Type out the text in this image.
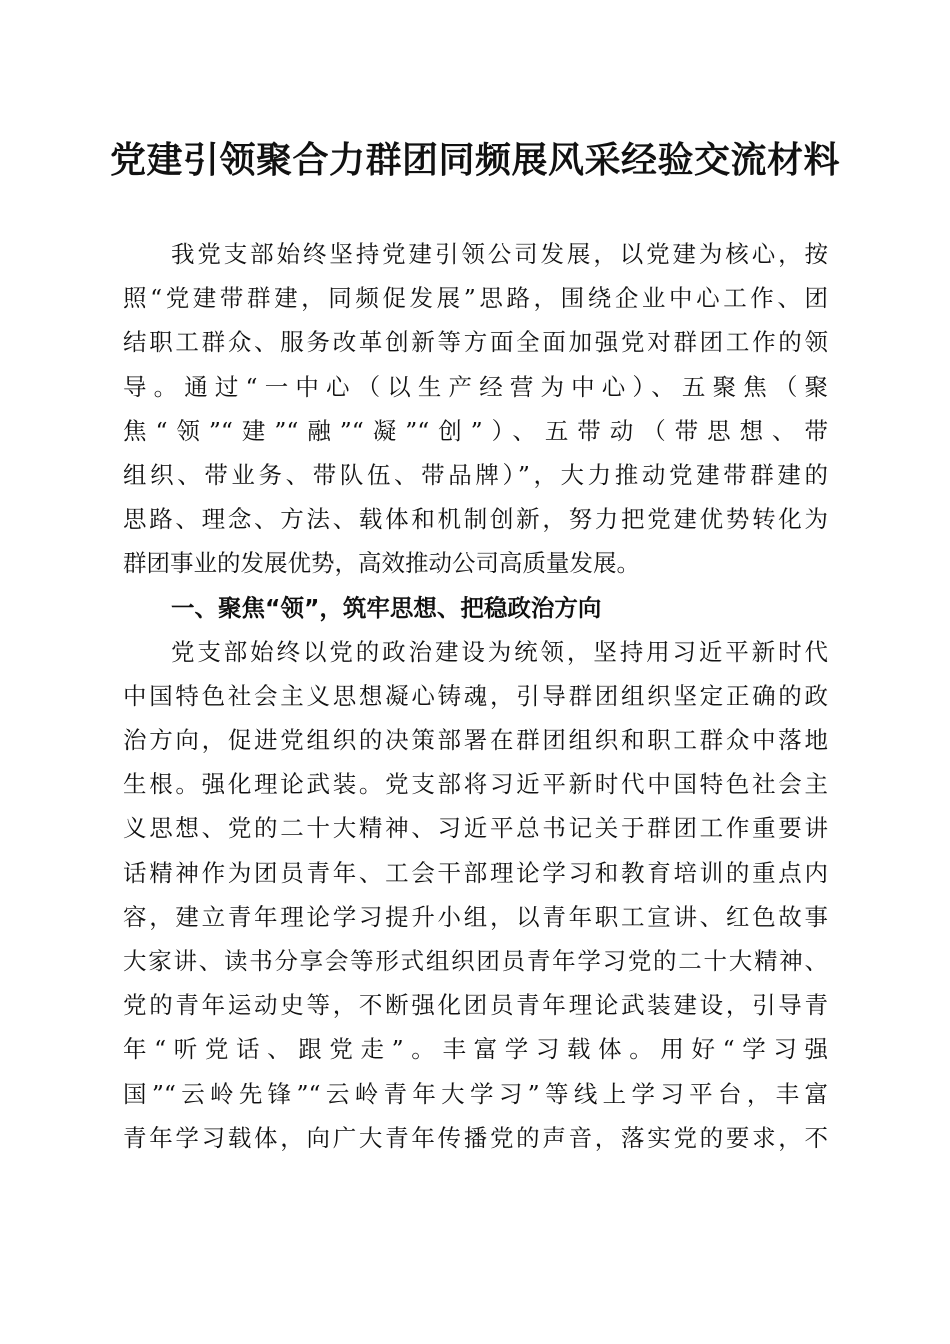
党建引领聚合力群团同频展风采经验交流材料
我党支部始终坚持党建引领公司发展，以党建为核心，按
照“党建带群建，同频促发展”思路，围绕企业中心工作、团
结职工群众、服务改革创新等方面全面加强党对群团工作的领
导。通过“一中心（以生产经营为中心）、五聚焦（聚
焦“领”“建”“融”“凝”“创”）、五带动（带思想、带
组织、带业务、带队伍、带品牌）”，大力推动党建带群建的
思路、理念、方法、载体和机制创新，努力把党建优势转化为
群团事业的发展优势，高效推动公司高质量发展。
一、聚焦“领”，筑牢思想、把稳政治方向
党支部始终以党的政治建设为统领，坚持用习近平新时代
中国特色社会主义思想凝心铸魂，引导群团组织坚定正确的政
治方向，促进党组织的决策部署在群团组织和职工群众中落地
生根。强化理论武装。党支部将习近平新时代中国特色社会主
义思想、党的二十大精神、习近平总书记关于群团工作重要讲
话精神作为团员青年、工会干部理论学习和教育培训的重点内
容，建立青年理论学习提升小组，以青年职工宣讲、红色故事
大家讲、读书分享会等形式组织团员青年学习党的二十大精神、
党的青年运动史等，不断强化团员青年理论武装建设，引导青
年“听党话、跟党走”。丰富学习载体。用好“学习强
国”“云岭先锋”“云岭青年大学习”等线上学习平台，丰富
青年学习载体，向广大青年传播党的声音，落实党的要求，不
